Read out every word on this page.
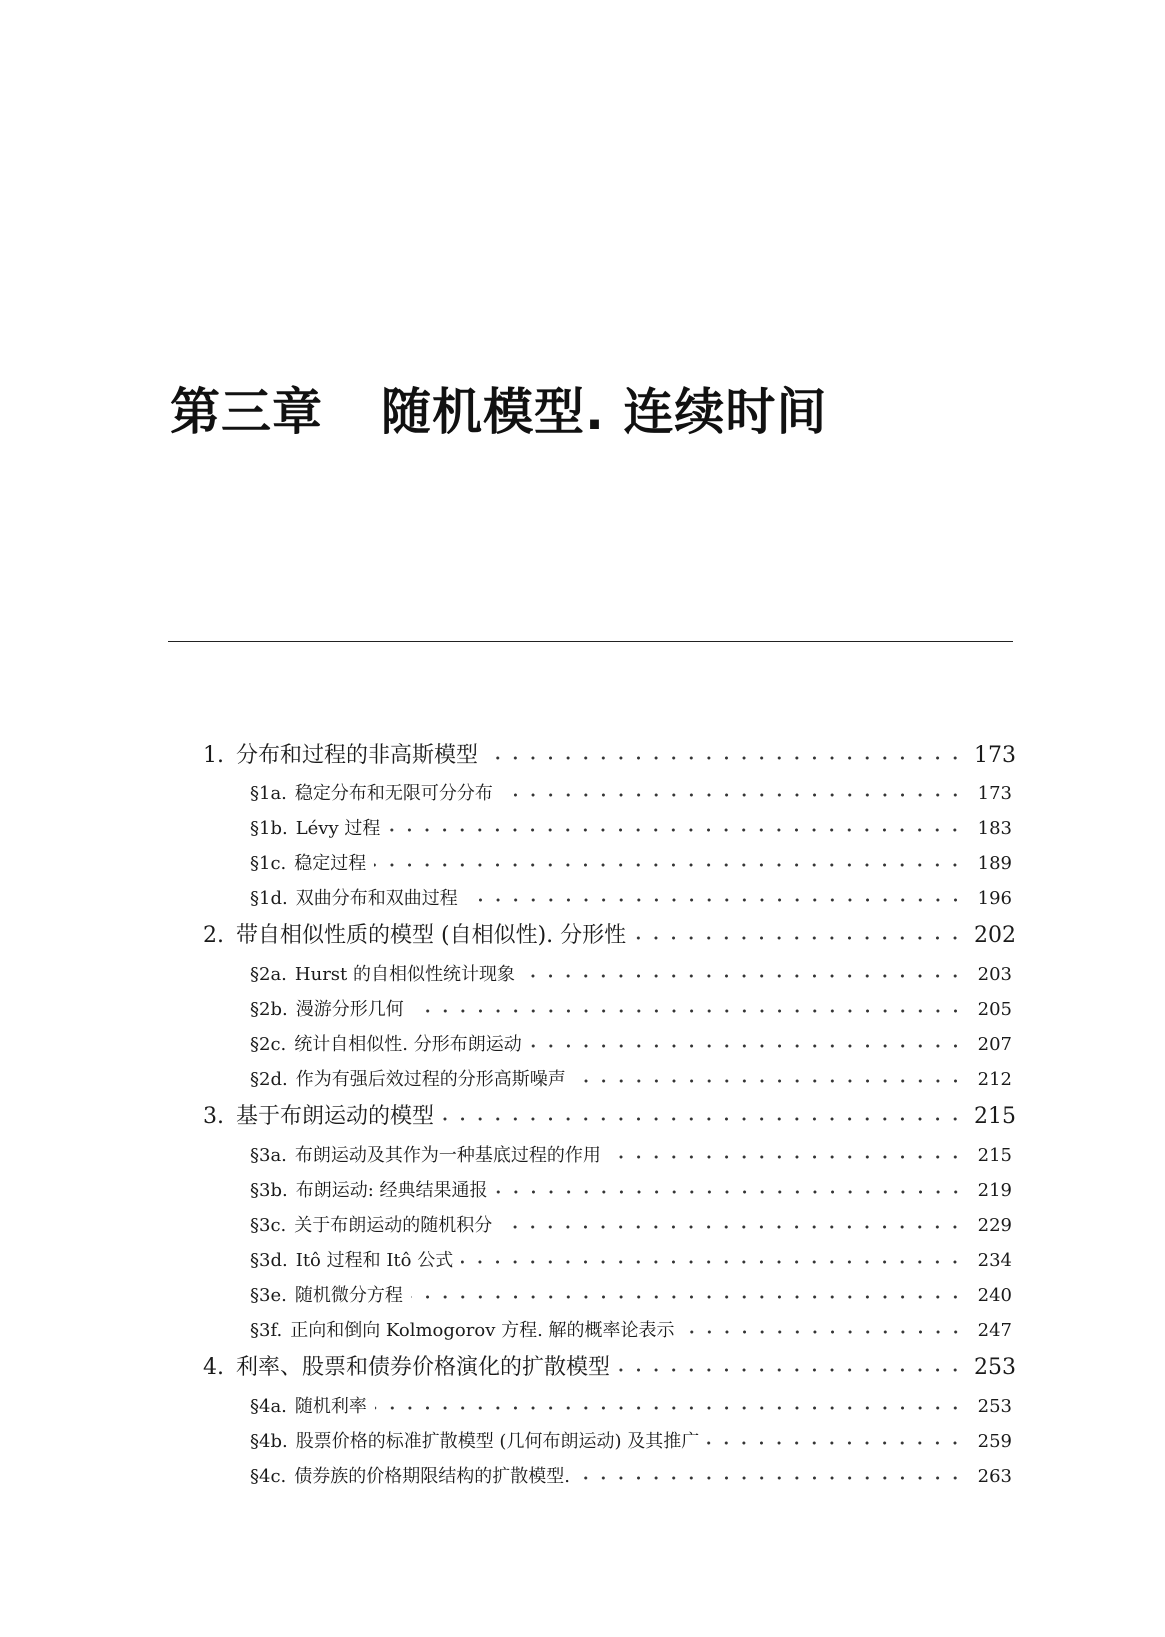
第三章 随机模型. 连续时间
1. 分布和过程的非高斯模型	173
§1a. 稳定分布和无限可分分布	173
§1b. Lévy 过程	183
§1c. 稳定过程	189
§1d. 双曲分布和双曲过程	196
2. 带自相似性质的模型 (自相似性). 分形性	202
§2a. Hurst 的自相似性统计现象	203
§2b. 漫游分形几何	205
§2c. 统计自相似性. 分形布朗运动	207
§2d. 作为有强后效过程的分形高斯噪声	212
3. 基于布朗运动的模型	215
§3a. 布朗运动及其作为一种基底过程的作用	215
§3b. 布朗运动: 经典结果通报	219
§3c. 关于布朗运动的随机积分	229
§3d. Itô 过程和 Itô 公式	234
§3e. 随机微分方程	240
§3f. 正向和倒向 Kolmogorov 方程. 解的概率论表示	247
4. 利率、股票和债券价格演化的扩散模型	253
§4a. 随机利率	253
§4b. 股票价格的标准扩散模型 (几何布朗运动) 及其推广	259
§4c. 债券族的价格期限结构的扩散模型.	263
